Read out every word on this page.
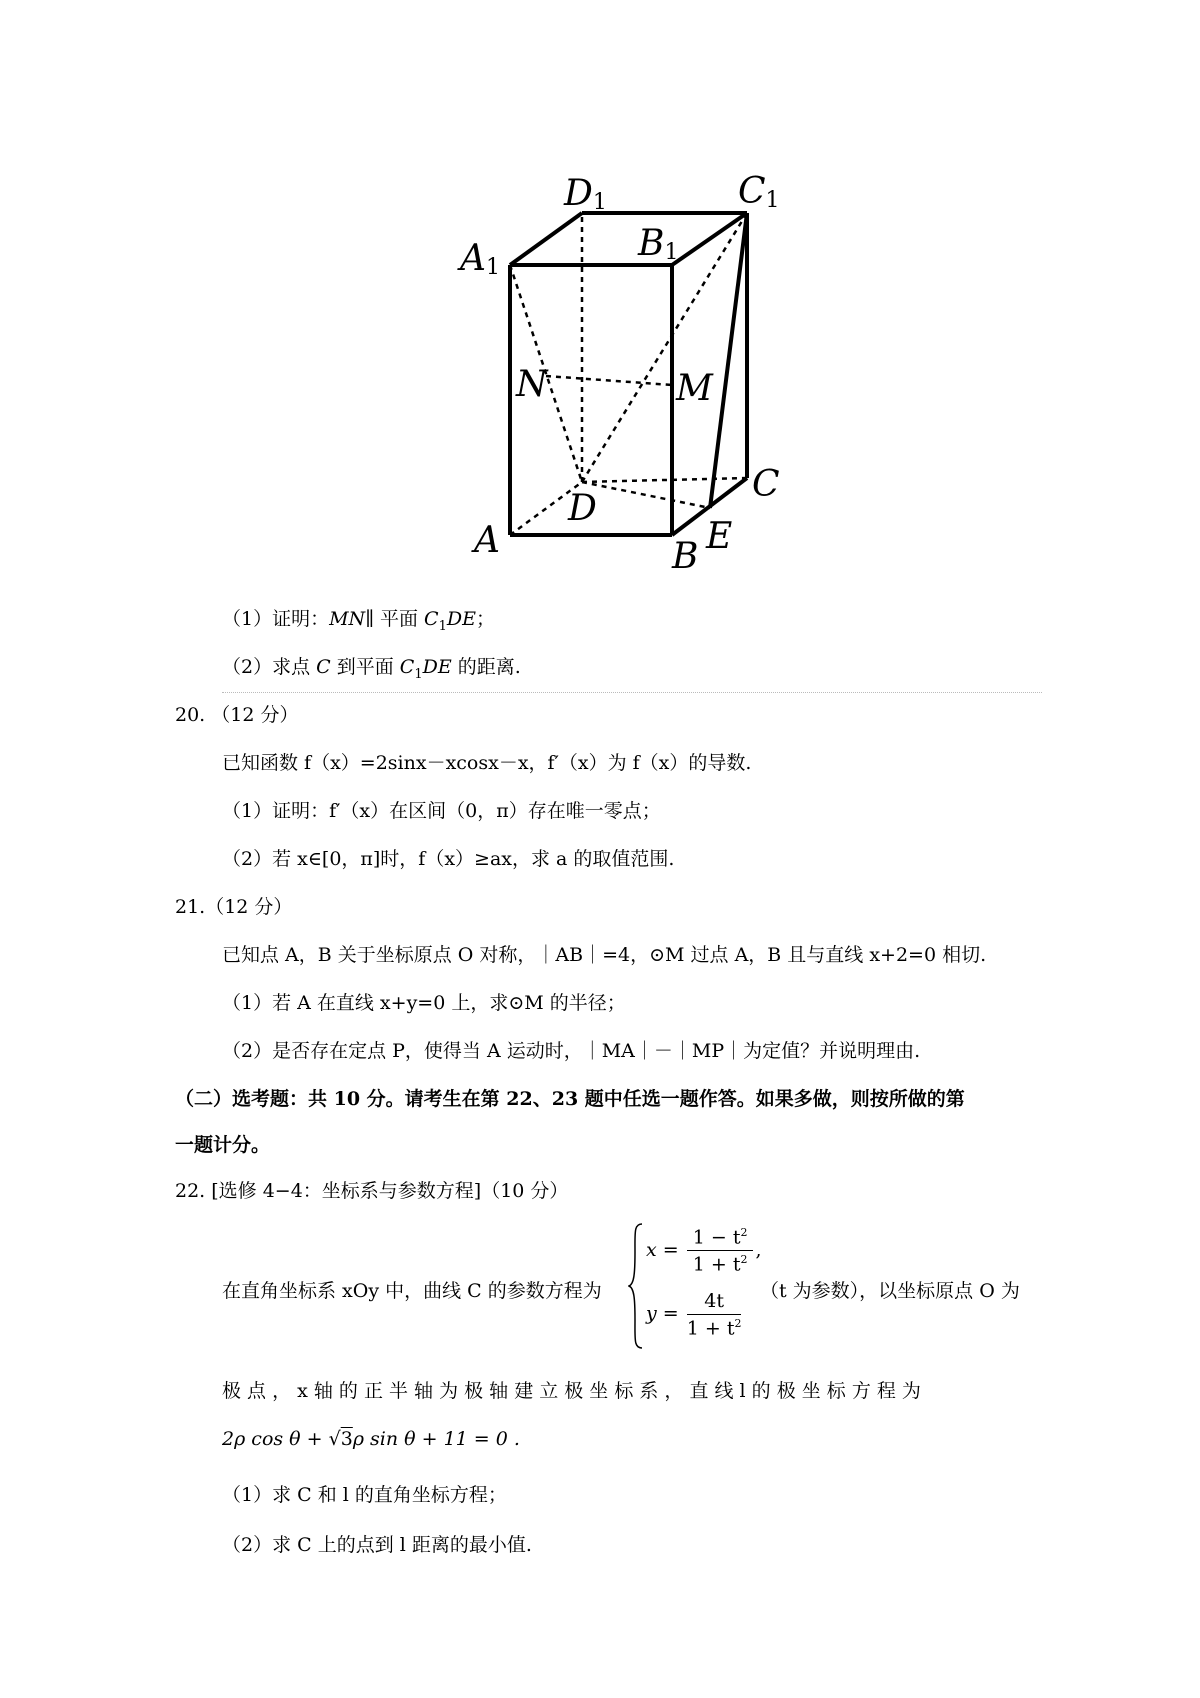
D1	C1
B1
A1
N	M
C
D
E
A	B
（1）证明：MN∥ 平面 $C_1DE$；
（2）求点 C 到平面 $C_1DE$ 的距离.
20. （12 分）
已知函数 f（x）=2sinx－xcosx－x，f′（x）为 f（x）的导数.
（1）证明：f′（x）在区间（0，π）存在唯一零点；
（2）若 x∈[0，π]时，f（x）≥ax，求 a 的取值范围.
21.（12 分）
已知点 A，B 关于坐标原点 O 对称，｜AB｜=4，⊙M 过点 A，B 且与直线 x+2=0 相切.
（1）若 A 在直线 x+y=0 上，求⊙M 的半径；
（2）是否存在定点 P，使得当 A 运动时，｜MA｜－｜MP｜为定值？并说明理由.
（二）选考题：共 10 分。请考生在第 22、23 题中任选一题作答。如果多做，则按所做的第
一题计分。
22. [选修 4−4：坐标系与参数方程]（10 分）
在直角坐标系 xOy 中，曲线 C 的参数方程为
$x = \frac{1 - t^2}{1 + t^2}$ ,
$y = \frac{4t}{1 + t^2} (t$ 为参数），以坐标原点 O 为
极 点 ， x 轴 的 正 半 轴 为 极 轴 建 立 极 坐 标 系 ， 直 线 l 的 极 坐 标 方 程 为
2ρ cos θ + √3ρ sin θ + 11 = 0 .
（1）求 C 和 l 的直角坐标方程；
（2）求 C 上的点到 l 距离的最小值.
